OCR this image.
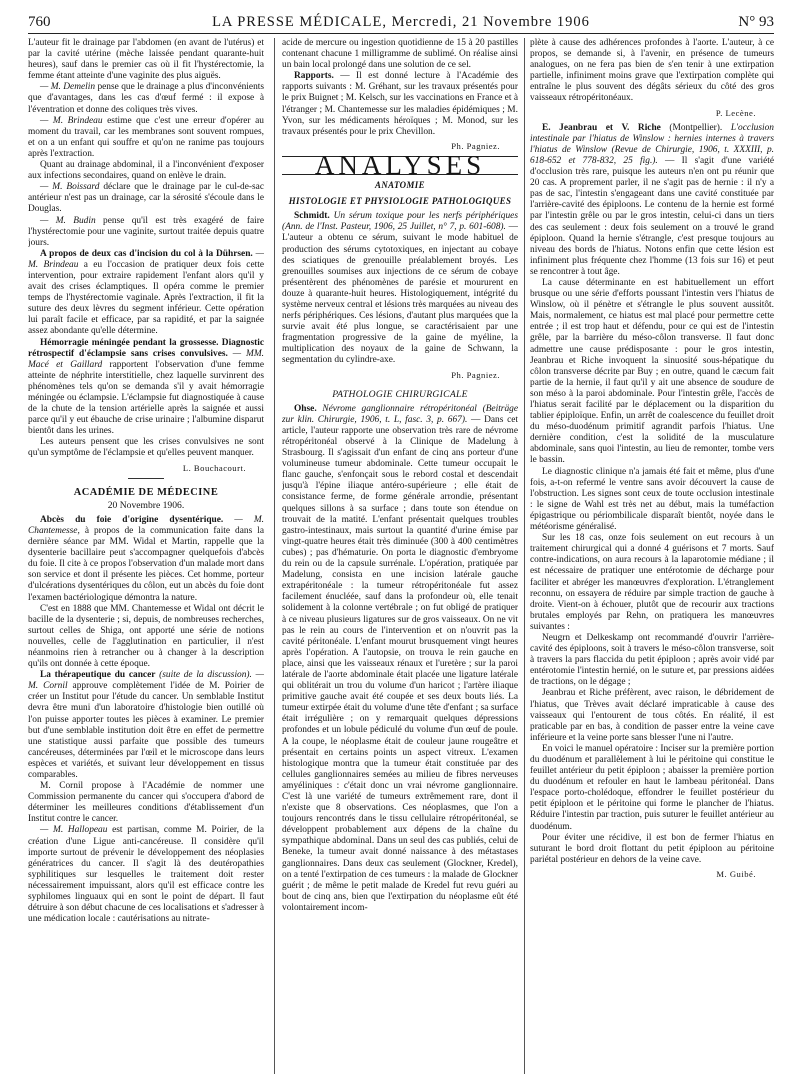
760	LA PRESSE MÉDICALE, Mercredi, 21 Novembre 1906	N° 93

L'auteur fit le drainage par l'abdomen (en avant de l'utérus) et par la cavité utérine (mèche laissée pendant quarante-huit heures), sauf dans le premier cas où il fit l'hystérectomie, la femme étant atteinte d'une vaginite des plus aiguës.

— M. Demelin pense que le drainage a plus d'inconvénients que d'avantages, dans les cas d'œuf fermé : il expose à l'éventration et donne des coliques très vives.

— M. Brindeau estime que c'est une erreur d'opérer au moment du travail, car les membranes sont souvent rompues, et on a un enfant qui souffre et qu'on ne ranime pas toujours après l'extraction.

Quant au drainage abdominal, il a l'inconvénient d'exposer aux infections secondaires, quand on enlève le drain.

— M. Boissard déclare que le drainage par le cul-de-sac antérieur n'est pas un drainage, car la sérosité s'écoule dans le Douglas.

— M. Budin pense qu'il est très exagéré de faire l'hystérectomie pour une vaginite, surtout traitée depuis quatre jours.

A propos de deux cas d'incision du col à la Dührsen. — M. Brindeau a eu l'occasion de pratiquer deux fois cette intervention, pour extraire rapidement l'enfant alors qu'il y avait des crises éclamptiques. Il opéra comme le premier temps de l'hystérectomie vaginale. Après l'extraction, il fit la suture des deux lèvres du segment inférieur. Cette opération lui paraît facile et efficace, par sa rapidité, et par la saignée assez abondante qu'elle détermine.

Hémorragie méningée pendant la grossesse. Diagnostic rétrospectif d'éclampsie sans crises convulsives. — MM. Macé et Gaillard rapportent l'observation d'une femme atteinte de néphrite interstitielle, chez laquelle survinrent des phénomènes tels qu'on se demanda s'il y avait hémorragie méningée ou éclampsie. L'éclampsie fut diagnostiquée à cause de la chute de la tension artérielle après la saignée et aussi parce qu'il y eut ébauche de crise urinaire ; l'albumine disparut bientôt dans les urines.

Les auteurs pensent que les crises convulsives ne sont qu'un symptôme de l'éclampsie et qu'elles peuvent manquer.

L. Bouchacourt.
ACADÉMIE DE MÉDECINE
20 Novembre 1906.

Abcès du foie d'origine dysentérique. — M. Chantemesse, à propos de la communication faite dans la dernière séance par MM. Widal et Martin, rappelle que la dysenterie bacillaire peut s'accompagner quelquefois d'abcès du foie. Il cite à ce propos l'observation d'un malade mort dans son service et dont il présente les pièces. Cet homme, porteur d'ulcérations dysentériques du côlon, eut un abcès du foie dont l'examen bactériologique démontra la nature.

C'est en 1888 que MM. Chantemesse et Widal ont décrit le bacille de la dysenterie ; si, depuis, de nombreuses recherches, surtout celles de Shiga, ont apporté une série de notions nouvelles, celle de l'agglutination en particulier, il n'est néanmoins rien à retrancher ou à changer à la description qu'ils ont donnée à cette époque.

La thérapeutique du cancer (suite de la discussion). — M. Cornil approuve complètement l'idée de M. Poirier de créer un Institut pour l'étude du cancer. Un semblable Institut devra être muni d'un laboratoire d'histologie bien outillé où l'on puisse apporter toutes les pièces à examiner. Le premier but d'une semblable institution doit être en effet de permettre une statistique aussi parfaite que possible des tumeurs cancéreuses, déterminées par l'œil et le microscope dans leurs espèces et variétés, et suivant leur développement en tissus comparables.

M. Cornil propose à l'Académie de nommer une Commission permanente du cancer qui s'occupera d'abord de déterminer les meilleures conditions d'établissement d'un Institut contre le cancer.

— M. Hallopeau est partisan, comme M. Poirier, de la création d'une Ligue anti-cancéreuse. Il considère qu'il importe surtout de prévenir le développement des néoplasies génératrices du cancer. Il s'agit là des deutéropathies syphilitiques sur lesquelles le traitement doit rester nécessairement impuissant, alors qu'il est efficace contre les syphilomes linguaux qui en sont le point de départ. Il faut détruire à son début chacune de ces localisations et s'adresser à une médication locale : cautérisations au nitrate-

acide de mercure ou ingestion quotidienne de 15 à 20 pastilles contenant chacune 1 milligramme de sublimé. On réalise ainsi un bain local prolongé dans une solution de ce sel.

Rapports. — Il est donné lecture à l'Académie des rapports suivants : M. Gréhant, sur les travaux présentés pour le prix Buignet ; M. Kelsch, sur les vaccinations en France et à l'étranger ; M. Chantemesse sur les maladies épidémiques ; M. Yvon, sur les médicaments héroïques ; M. Monod, sur les travaux présentés pour le prix Chevillon.

Ph. Pagniez.
ANALYSES
ANATOMIE
HISTOLOGIE ET PHYSIOLOGIE PATHOLOGIQUES

Schmidt. Un sérum toxique pour les nerfs périphériques (Ann. de l'Inst. Pasteur, 1906, 25 Juillet, n° 7, p. 601-608). — L'auteur a obtenu ce sérum, suivant le mode habituel de production des sérums cytotoxiques, en injectant au cobaye des sciatiques de grenouille préalablement broyés. Les grenouilles soumises aux injections de ce sérum de cobaye présentèrent des phénomènes de parésie et moururent en douze à quarante-huit heures. Histologiquement, intégrité du système nerveux central et lésions très marquées au niveau des nerfs périphériques. Ces lésions, d'autant plus marquées que la survie avait été plus longue, se caractérisaient par une fragmentation progressive de la gaine de myéline, la multiplication des noyaux de la gaine de Schwann, la segmentation du cylindre-axe.

Ph. Pagniez.
PATHOLOGIE CHIRURGICALE

Ohse. Névrome ganglionnaire rétropéritonéal (Beiträge zur klin. Chirurgie, 1906, t. L, fasc. 3, p. 667). — Dans cet article, l'auteur rapporte une observation très rare de névrome rétropéritonéal observé à la Clinique de Madelung à Strasbourg. Il s'agissait d'un enfant de cinq ans porteur d'une volumineuse tumeur abdominale. Cette tumeur occupait le flanc gauche, s'enfonçait sous le rebord costal et descendait jusqu'à l'épine iliaque antéro-supérieure ; elle était de consistance ferme, de forme générale arrondie, présentant quelques sillons à sa surface ; dans toute son étendue on trouvait de la matité. L'enfant présentait quelques troubles gastro-intestinaux, mais surtout la quantité d'urine émise par vingt-quatre heures était très diminuée (300 à 400 centimètres cubes) ; pas d'hématurie. On porta le diagnostic d'embryome du rein ou de la capsule surrénale. L'opération, pratiquée par Madelung, consista en une incision latérale gauche extrapéritonéale : la tumeur rétropéritonéale fut assez facilement énucléée, sauf dans la profondeur où, elle tenait solidement à la colonne vertébrale ; on fut obligé de pratiquer à ce niveau plusieurs ligatures sur de gros vaisseaux. On ne vit pas le rein au cours de l'intervention et on n'ouvrit pas la cavité péritonéale. L'enfant mourut brusquement vingt heures après l'opération. A l'autopsie, on trouva le rein gauche en place, ainsi que les vaisseaux rénaux et l'uretère ; sur la paroi latérale de l'aorte abdominale était placée une ligature latérale qui oblitérait un trou du volume d'un haricot ; l'artère iliaque primitive gauche avait été coupée et ses deux bouts liés. La tumeur extirpée était du volume d'une tête d'enfant ; sa surface était irrégulière ; on y remarquait quelques dépressions profondes et un lobule pédiculé du volume d'un œuf de poule. A la coupe, le néoplasme était de couleur jaune rougeâtre et présentait en certains points un aspect vitreux. L'examen histologique montra que la tumeur était constituée par des cellules ganglionnaires semées au milieu de fibres nerveuses amyéliniques : c'était donc un vrai névrome ganglionnaire. C'est là une variété de tumeurs extrêmement rare, dont il n'existe que 8 observations. Ces néoplasmes, que l'on a toujours rencontrés dans le tissu cellulaire rétropéritonéal, se développent probablement aux dépens de la chaîne du sympathique abdominal. Dans un seul des cas publiés, celui de Beneke, la tumeur avait donné naissance à des métastases ganglionnaires. Dans deux cas seulement (Glockner, Kredel), on a tenté l'extirpation de ces tumeurs : la malade de Glockner guérit ; de même le petit malade de Kredel fut revu guéri au bout de cinq ans, bien que l'extirpation du néoplasme eût été volontairement incom-

plète à cause des adhérences profondes à l'aorte. L'auteur, à ce propos, se demande si, à l'avenir, en présence de tumeurs analogues, on ne fera pas bien de s'en tenir à une extirpation partielle, infiniment moins grave que l'extirpation complète qui entraîne le plus souvent des dégâts sérieux du côté des gros vaisseaux rétropéritonéaux.

P. Lecène.

E. Jeanbrau et V. Riche (Montpellier). L'occlusion intestinale par l'hiatus de Winslow : hernies internes à travers l'hiatus de Winslow (Revue de Chirurgie, 1906, t. XXXIII, p. 618-652 et 778-832, 25 fig.). — Il s'agit d'une variété d'occlusion très rare, puisque les auteurs n'en ont pu réunir que 20 cas. A proprement parler, il ne s'agit pas de hernie : il n'y a pas de sac, l'intestin s'engageant dans une cavité constituée par l'arrière-cavité des épiploons. Le contenu de la hernie est formé par l'intestin grêle ou par le gros intestin, celui-ci dans un tiers des cas seulement : deux fois seulement on a trouvé le grand épiploon. Quand la hernie s'étrangle, c'est presque toujours au niveau des bords de l'hiatus. Notons enfin que cette lésion est infiniment plus fréquente chez l'homme (13 fois sur 16) et peut se rencontrer à tout âge.

La cause déterminante en est habituellement un effort brusque ou une série d'efforts poussant l'intestin vers l'hiatus de Winslow, où il pénètre et s'étrangle le plus souvent aussitôt. Mais, normalement, ce hiatus est mal placé pour permettre cette entrée ; il est trop haut et défendu, pour ce qui est de l'intestin grêle, par la barrière du méso-côlon transverse. Il faut donc admettre une cause prédisposante : pour le gros intestin, Jeanbrau et Riche invoquent la sinuosité sous-hépatique du côlon transverse décrite par Buy ; en outre, quand le cæcum fait partie de la hernie, il faut qu'il y ait une absence de soudure de son méso à la paroi abdominale. Pour l'intestin grêle, l'accès de l'hiatus serait facilité par le déplacement ou la disparition du tablier épiploïque. Enfin, un arrêt de coalescence du feuillet droit du méso-duodénum primitif agrandit parfois l'hiatus. Une dernière condition, c'est la solidité de la musculature abdominale, sans quoi l'intestin, au lieu de remonter, tombe vers le bassin.

Le diagnostic clinique n'a jamais été fait et même, plus d'une fois, a-t-on refermé le ventre sans avoir découvert la cause de l'obstruction. Les signes sont ceux de toute occlusion intestinale : le signe de Wahl est très net au début, mais la tuméfaction épigastrique ou périombilicale disparaît bientôt, noyée dans le météorisme généralisé.

Sur les 18 cas, onze fois seulement on eut recours à un traitement chirurgical qui a donné 4 guérisons et 7 morts. Sauf contre-indications, on aura recours à la laparotomie médiane ; il est nécessaire de pratiquer une entérotomie de décharge pour faciliter et abréger les manœuvres d'exploration. L'étranglement reconnu, on essayera de réduire par simple traction de gauche à droite. Vient-on à échouer, plutôt que de recourir aux tractions brutales employés par Rehn, on pratiquera les manœuvres suivantes :

Neugrn et Delkeskamp ont recommandé d'ouvrir l'arrière-cavité des épiploons, soit à travers le méso-côlon transverse, soit à travers la pars flaccida du petit épiploon ; après avoir vidé par entérotomie l'intestin hernié, on le suture et, par pressions aidées de tractions, on le dégage ;

Jeanbrau et Riche préfèrent, avec raison, le débridement de l'hiatus, que Trèves avait déclaré impraticable à cause des vaisseaux qui l'entourent de tous côtés. En réalité, il est praticable par en bas, à condition de passer entre la veine cave inférieure et la veine porte sans blesser l'une ni l'autre.

En voici le manuel opératoire : Inciser sur la première portion du duodénum et parallèlement à lui le péritoine qui constitue le feuillet antérieur du petit épiploon ; abaisser la première portion du duodénum et refouler en haut le lambeau péritonéal. Dans l'espace porto-cholédoque, effondrer le feuillet postérieur du petit épiploon et le péritoine qui forme le plancher de l'hiatus. Réduire l'intestin par traction, puis suturer le feuillet antérieur au duodénum.

Pour éviter une récidive, il est bon de fermer l'hiatus en suturant le bord droit flottant du petit épiploon au péritoine pariétal postérieur en dehors de la veine cave.

M. Guibé.
